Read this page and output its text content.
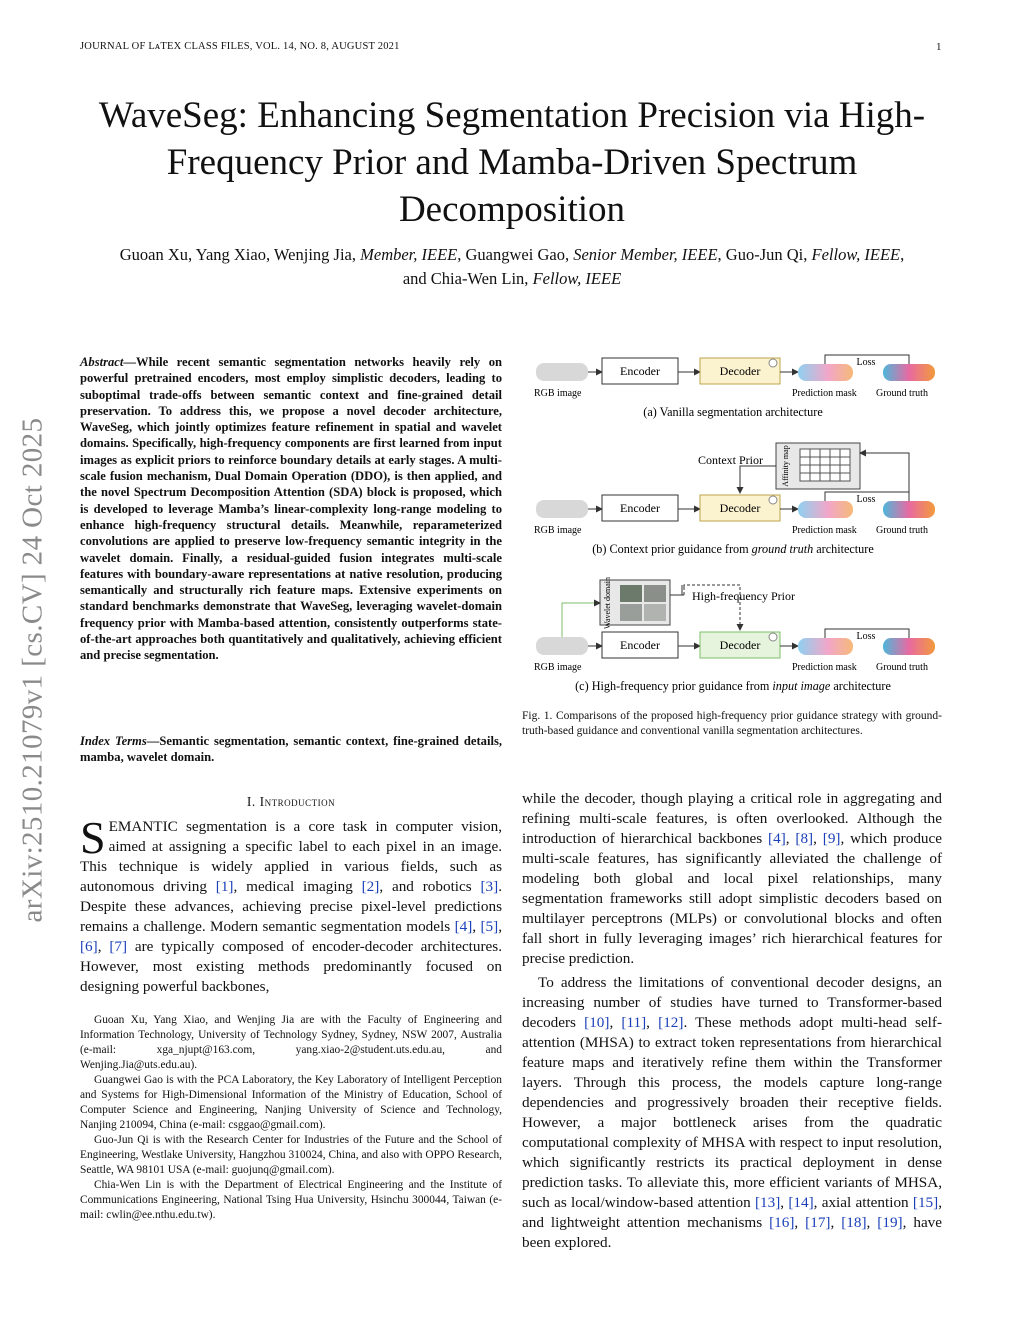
JOURNAL OF LᴀTEX CLASS FILES, VOL. 14, NO. 8, AUGUST 2021	1
WaveSeg: Enhancing Segmentation Precision via High-Frequency Prior and Mamba-Driven Spectrum Decomposition
Guoan Xu, Yang Xiao, Wenjing Jia, Member, IEEE, Guangwei Gao, Senior Member, IEEE, Guo-Jun Qi, Fellow, IEEE, and Chia-Wen Lin, Fellow, IEEE
arXiv:2510.21079v1 [cs.CV] 24 Oct 2025
Abstract—While recent semantic segmentation networks heavily rely on powerful pretrained encoders, most employ simplistic decoders, leading to suboptimal trade-offs between semantic context and fine-grained detail preservation. To address this, we propose a novel decoder architecture, WaveSeg, which jointly optimizes feature refinement in spatial and wavelet domains. Specifically, high-frequency components are first learned from input images as explicit priors to reinforce boundary details at early stages. A multi-scale fusion mechanism, Dual Domain Operation (DDO), is then applied, and the novel Spectrum Decomposition Attention (SDA) block is proposed, which is developed to leverage Mamba’s linear-complexity long-range modeling to enhance high-frequency structural details. Meanwhile, reparameterized convolutions are applied to preserve low-frequency semantic integrity in the wavelet domain. Finally, a residual-guided fusion integrates multi-scale features with boundary-aware representations at native resolution, producing semantically and structurally rich feature maps. Extensive experiments on standard benchmarks demonstrate that WaveSeg, leveraging wavelet-domain frequency prior with Mamba-based attention, consistently outperforms state-of-the-art approaches both quantitatively and qualitatively, achieving efficient and precise segmentation.
Index Terms—Semantic segmentation, semantic context, fine-grained details, mamba, wavelet domain.
I. Introduction
SEMANTIC segmentation is a core task in computer vision, aimed at assigning a specific label to each pixel in an image. This technique is widely applied in various fields, such as autonomous driving [1], medical imaging [2], and robotics [3]. Despite these advances, achieving precise pixel-level predictions remains a challenge. Modern semantic segmentation models [4], [5], [6], [7] are typically composed of encoder-decoder architectures. However, most existing methods predominantly focused on designing powerful backbones,

Guoan Xu, Yang Xiao, and Wenjing Jia are with the Faculty of Engineering and Information Technology, University of Technology Sydney, Sydney, NSW 2007, Australia (e-mail: xga_njupt@163.com, yang.xiao-2@student.uts.edu.au, and Wenjing.Jia@uts.edu.au).

Guangwei Gao is with the PCA Laboratory, the Key Laboratory of Intelligent Perception and Systems for High-Dimensional Information of the Ministry of Education, School of Computer Science and Engineering, Nanjing University of Science and Technology, Nanjing 210094, China (e-mail: csggao@gmail.com).

Guo-Jun Qi is with the Research Center for Industries of the Future and the School of Engineering, Westlake University, Hangzhou 310024, China, and also with OPPO Research, Seattle, WA 98101 USA (e-mail: guojunq@gmail.com).

Chia-Wen Lin is with the Department of Electrical Engineering and the Institute of Communications Engineering, National Tsing Hua University, Hsinchu 300044, Taiwan (e-mail: cwlin@ee.nthu.edu.tw).

Encoder	Decoder
Loss
RGB image	Prediction mask Ground truth
(a) Vanilla segmentation architecture
Context Prior Affinity map
Encoder	Decoder
Loss
RGB image	Prediction mask Ground truth
(b) Context prior guidance from ground truth architecture
Wavelet domain	High-frequency Prior
Encoder	Decoder
Loss
RGB image	Prediction mask Ground truth
(c) High-frequency prior guidance from input image architecture
Fig. 1. Comparisons of the proposed high-frequency prior guidance strategy with ground-truth-based guidance and conventional vanilla segmentation architectures.

while the decoder, though playing a critical role in aggregating and refining multi-scale features, is often overlooked. Although the introduction of hierarchical backbones [4], [8], [9], which produce multi-scale features, has significantly alleviated the challenge of modeling both global and local pixel relationships, many segmentation frameworks still adopt simplistic decoders based on multilayer perceptrons (MLPs) or convolutional blocks and often fall short in fully leveraging images’ rich hierarchical features for precise prediction.

To address the limitations of conventional decoder designs, an increasing number of studies have turned to Transformer-based decoders [10], [11], [12]. These methods adopt multi-head self-attention (MHSA) to extract token representations from hierarchical feature maps and iteratively refine them within the Transformer layers. Through this process, the models capture long-range dependencies and progressively broaden their receptive fields. However, a major bottleneck arises from the quadratic computational complexity of MHSA with respect to input resolution, which significantly restricts its practical deployment in dense prediction tasks. To alleviate this, more efficient variants of MHSA, such as local/window-based attention [13], [14], axial attention [15], and lightweight attention mechanisms [16], [17], [18], [19], have been explored.
